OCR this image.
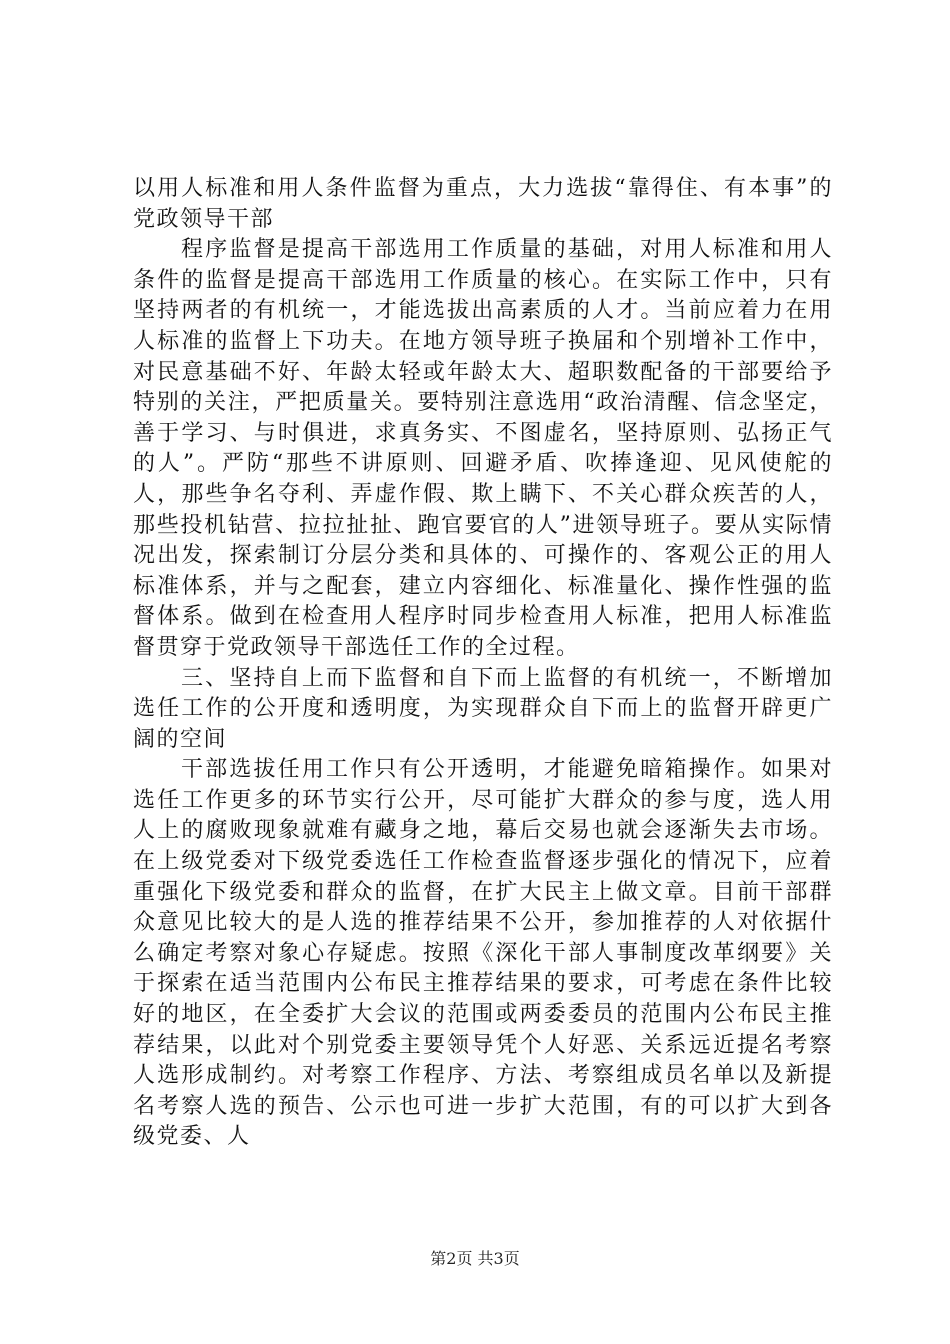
以用人标准和用人条件监督为重点，大力选拔“靠得住、有本事”的党政领导干部

程序监督是提高干部选用工作质量的基础，对用人标准和用人条件的监督是提高干部选用工作质量的核心。在实际工作中，只有坚持两者的有机统一，才能选拔出高素质的人才。当前应着力在用人标准的监督上下功夫。在地方领导班子换届和个别增补工作中，对民意基础不好、年龄太轻或年龄太大、超职数配备的干部要给予特别的关注，严把质量关。要特别注意选用“政治清醒、信念坚定，善于学习、与时俱进，求真务实、不图虚名，坚持原则、弘扬正气的人”。严防“那些不讲原则、回避矛盾、吹捧逢迎、见风使舵的人，那些争名夺利、弄虚作假、欺上瞒下、不关心群众疾苦的人，那些投机钻营、拉拉扯扯、跑官要官的人”进领导班子。要从实际情况出发，探索制订分层分类和具体的、可操作的、客观公正的用人标准体系，并与之配套，建立内容细化、标准量化、操作性强的监督体系。做到在检查用人程序时同步检查用人标准，把用人标准监督贯穿于党政领导干部选任工作的全过程。

三、坚持自上而下监督和自下而上监督的有机统一，不断增加选任工作的公开度和透明度，为实现群众自下而上的监督开辟更广阔的空间

干部选拔任用工作只有公开透明，才能避免暗箱操作。如果对选任工作更多的环节实行公开，尽可能扩大群众的参与度，选人用人上的腐败现象就难有藏身之地，幕后交易也就会逐渐失去市场。在上级党委对下级党委选任工作检查监督逐步强化的情况下，应着重强化下级党委和群众的监督，在扩大民主上做文章。目前干部群众意见比较大的是人选的推荐结果不公开，参加推荐的人对依据什么确定考察对象心存疑虑。按照《深化干部人事制度改革纲要》关于探索在适当范围内公布民主推荐结果的要求，可考虑在条件比较好的地区，在全委扩大会议的范围或两委委员的范围内公布民主推荐结果，以此对个别党委主要领导凭个人好恶、关系远近提名考察人选形成制约。对考察工作程序、方法、考察组成员名单以及新提名考察人选的预告、公示也可进一步扩大范围，有的可以扩大到各级党委、人

第2页 共3页
